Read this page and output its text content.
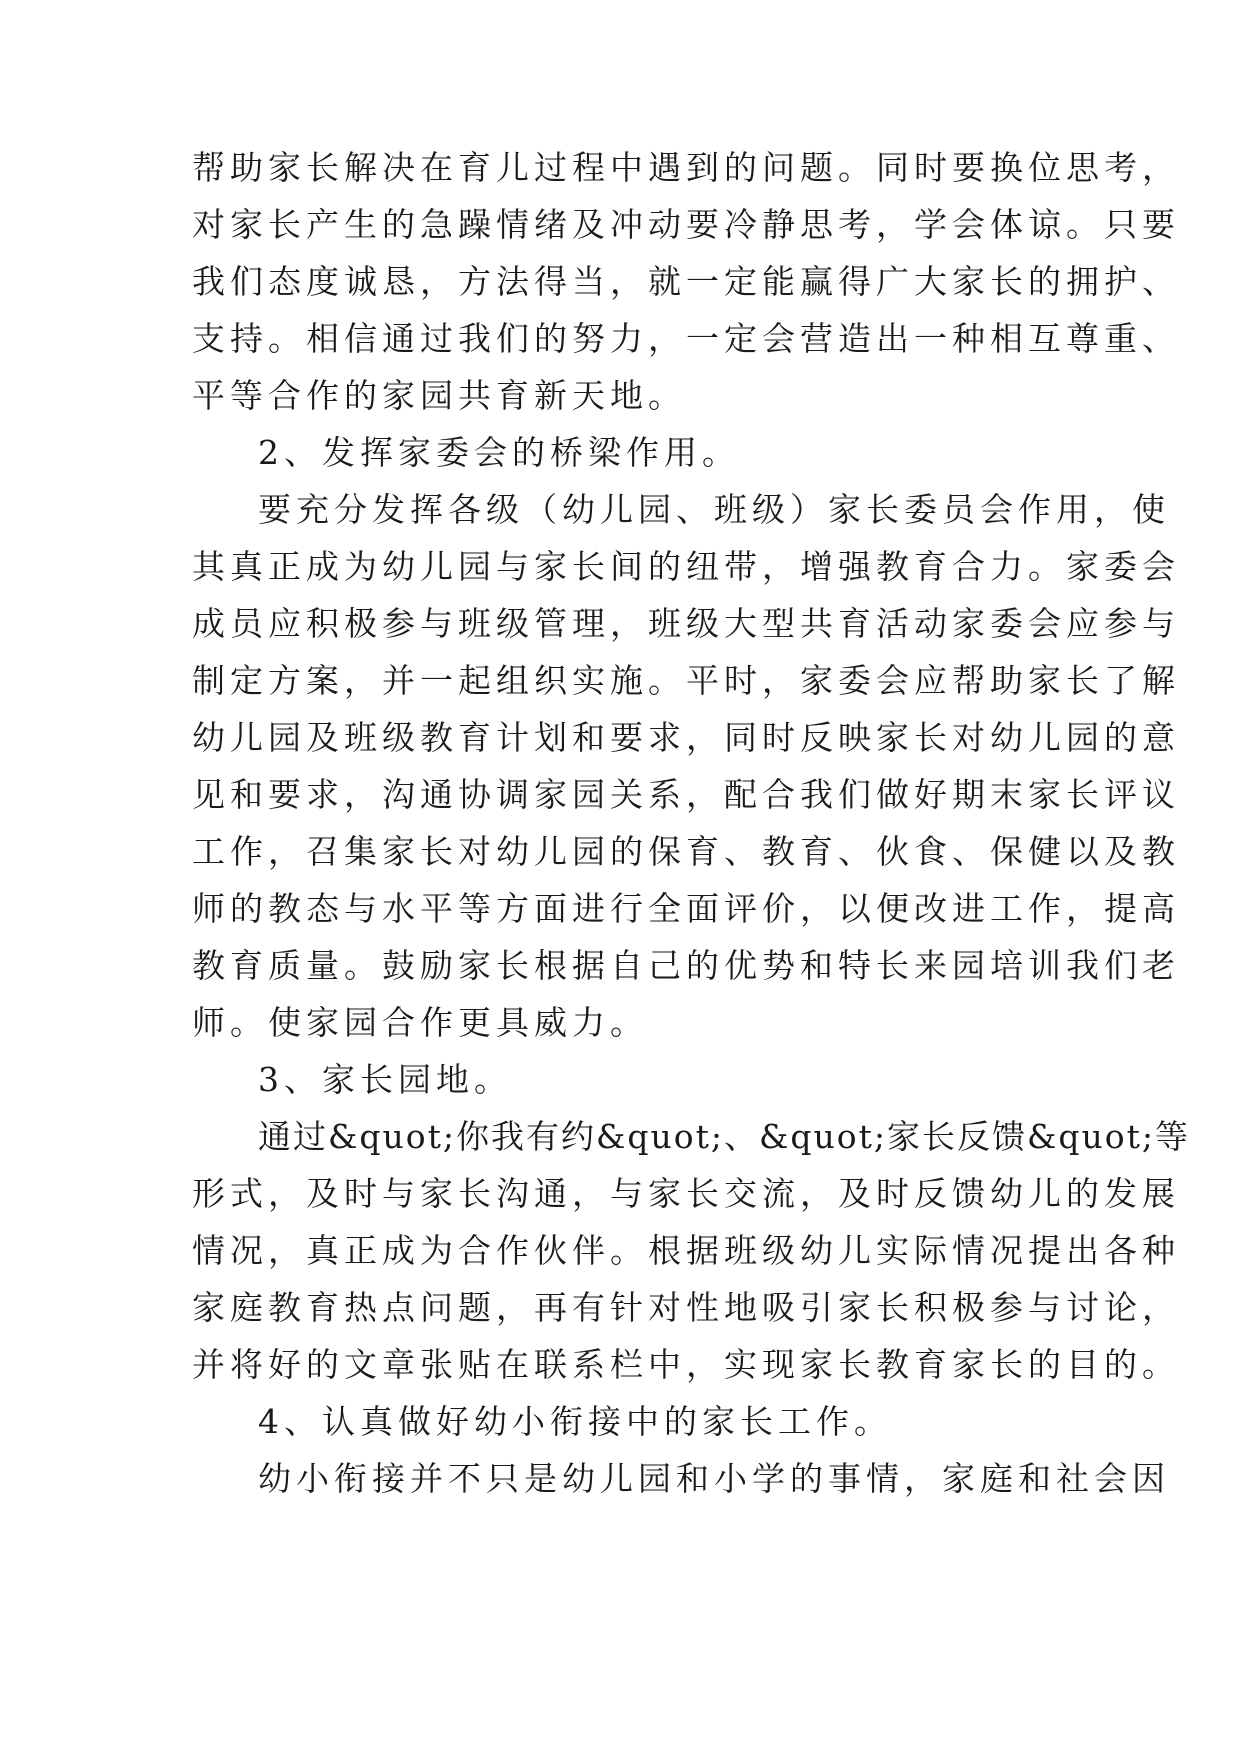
帮助家长解决在育儿过程中遇到的问题。同时要换位思考，
对家长产生的急躁情绪及冲动要冷静思考，学会体谅。只要
我们态度诚恳，方法得当，就一定能赢得广大家长的拥护、
支持。相信通过我们的努力，一定会营造出一种相互尊重、
平等合作的家园共育新天地。
2、发挥家委会的桥梁作用。
要充分发挥各级（幼儿园、班级）家长委员会作用，使
其真正成为幼儿园与家长间的纽带，增强教育合力。家委会
成员应积极参与班级管理，班级大型共育活动家委会应参与
制定方案，并一起组织实施。平时，家委会应帮助家长了解
幼儿园及班级教育计划和要求，同时反映家长对幼儿园的意
见和要求，沟通协调家园关系，配合我们做好期末家长评议
工作，召集家长对幼儿园的保育、教育、伙食、保健以及教
师的教态与水平等方面进行全面评价，以便改进工作，提高
教育质量。鼓励家长根据自己的优势和特长来园培训我们老
师。使家园合作更具威力。
3、家长园地。
通过&quot;你我有约&quot;、&quot;家长反馈&quot;等
形式，及时与家长沟通，与家长交流，及时反馈幼儿的发展
情况，真正成为合作伙伴。根据班级幼儿实际情况提出各种
家庭教育热点问题，再有针对性地吸引家长积极参与讨论，
并将好的文章张贴在联系栏中，实现家长教育家长的目的。
4、认真做好幼小衔接中的家长工作。
幼小衔接并不只是幼儿园和小学的事情，家庭和社会因
